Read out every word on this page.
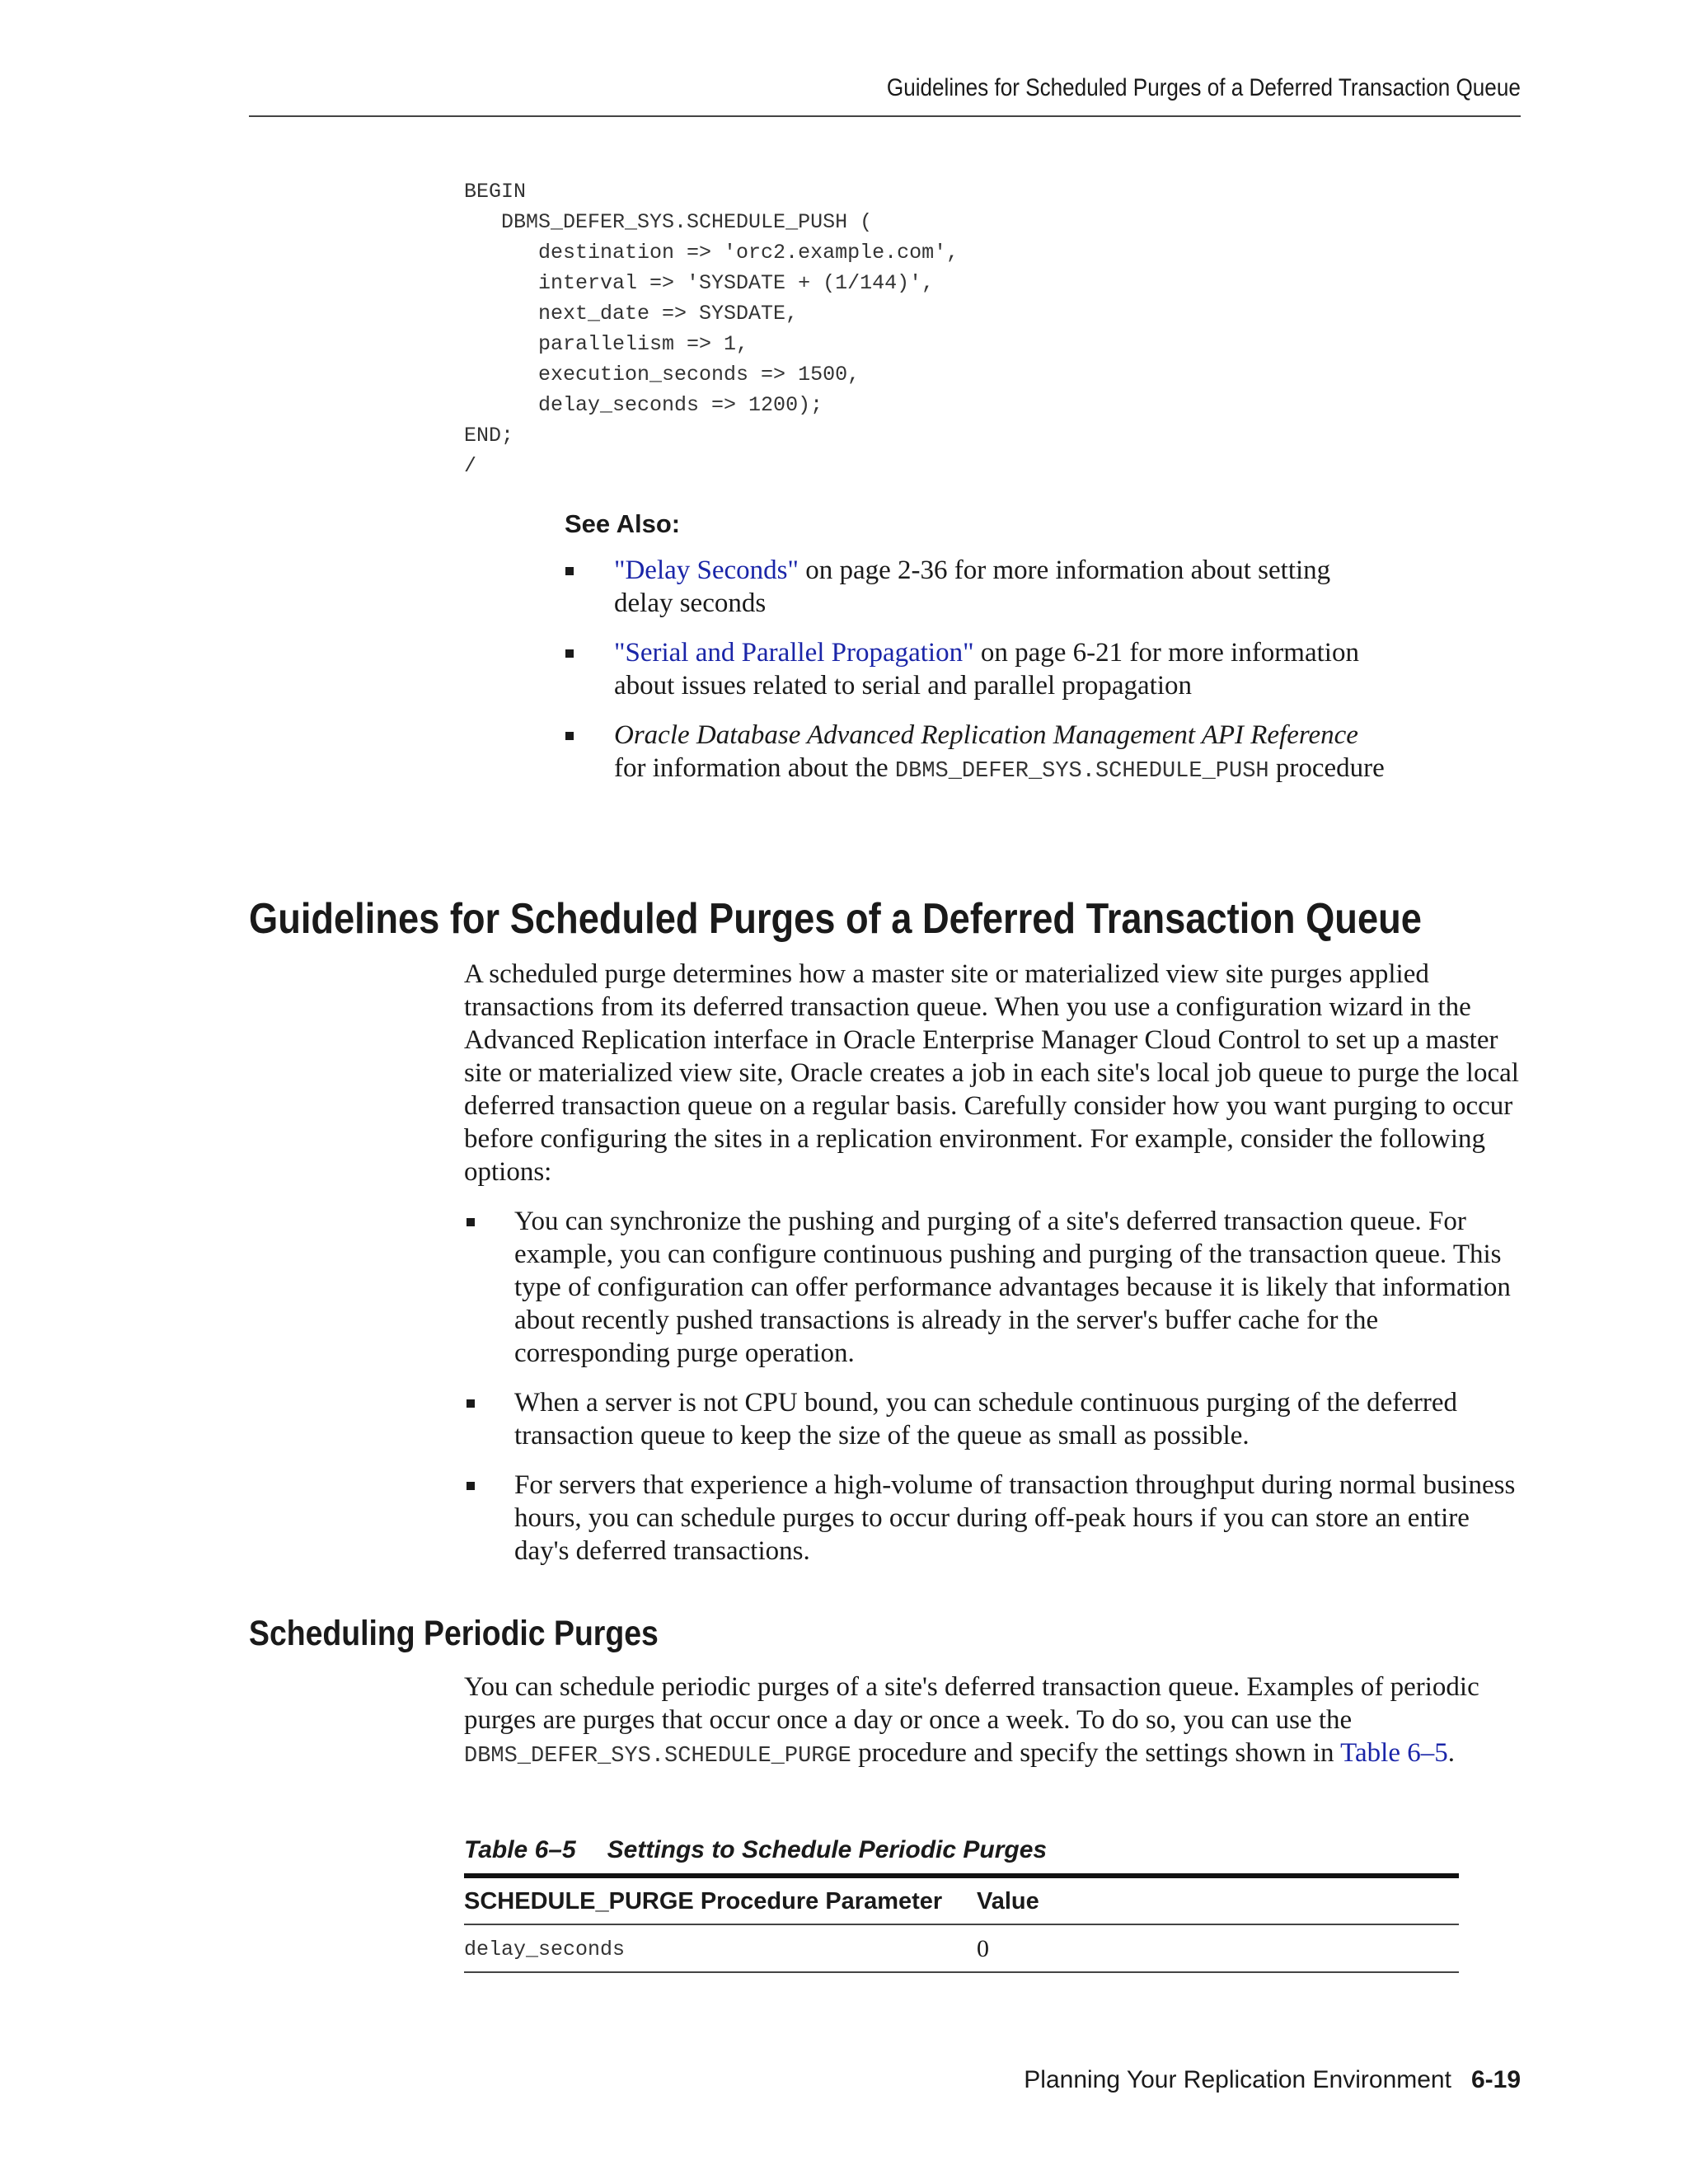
Guidelines for Scheduled Purges of a Deferred Transaction Queue
BEGIN
DBMS_DEFER_SYS.SCHEDULE_PUSH (
destination => 'orc2.example.com',
interval => 'SYSDATE + (1/144)',
next_date => SYSDATE,
parallelism => 1,
execution_seconds => 1500,
delay_seconds => 1200);
END;
/
See Also:
"Delay Seconds" on page 2-36 for more information about setting delay seconds
"Serial and Parallel Propagation" on page 6-21 for more information about issues related to serial and parallel propagation
Oracle Database Advanced Replication Management API Reference for information about the DBMS_DEFER_SYS.SCHEDULE_PUSH procedure
Guidelines for Scheduled Purges of a Deferred Transaction Queue

A scheduled purge determines how a master site or materialized view site purges applied transactions from its deferred transaction queue. When you use a configuration wizard in the Advanced Replication interface in Oracle Enterprise Manager Cloud Control to set up a master site or materialized view site, Oracle creates a job in each site's local job queue to purge the local deferred transaction queue on a regular basis. Carefully consider how you want purging to occur before configuring the sites in a replication environment. For example, consider the following options:

You can synchronize the pushing and purging of a site's deferred transaction queue. For example, you can configure continuous pushing and purging of the transaction queue. This type of configuration can offer performance advantages because it is likely that information about recently pushed transactions is already in the server's buffer cache for the corresponding purge operation.
When a server is not CPU bound, you can schedule continuous purging of the deferred transaction queue to keep the size of the queue as small as possible.
For servers that experience a high-volume of transaction throughput during normal business hours, you can schedule purges to occur during off-peak hours if you can store an entire day's deferred transactions.
Scheduling Periodic Purges

You can schedule periodic purges of a site's deferred transaction queue. Examples of periodic purges are purges that occur once a day or once a week. To do so, you can use the DBMS_DEFER_SYS.SCHEDULE_PURGE procedure and specify the settings shown in Table 6–5.

Table 6–5 Settings to Schedule Periodic Purges
SCHEDULE_PURGE Procedure Parameter	Value
delay_seconds	0
Planning Your Replication Environment 6-19
